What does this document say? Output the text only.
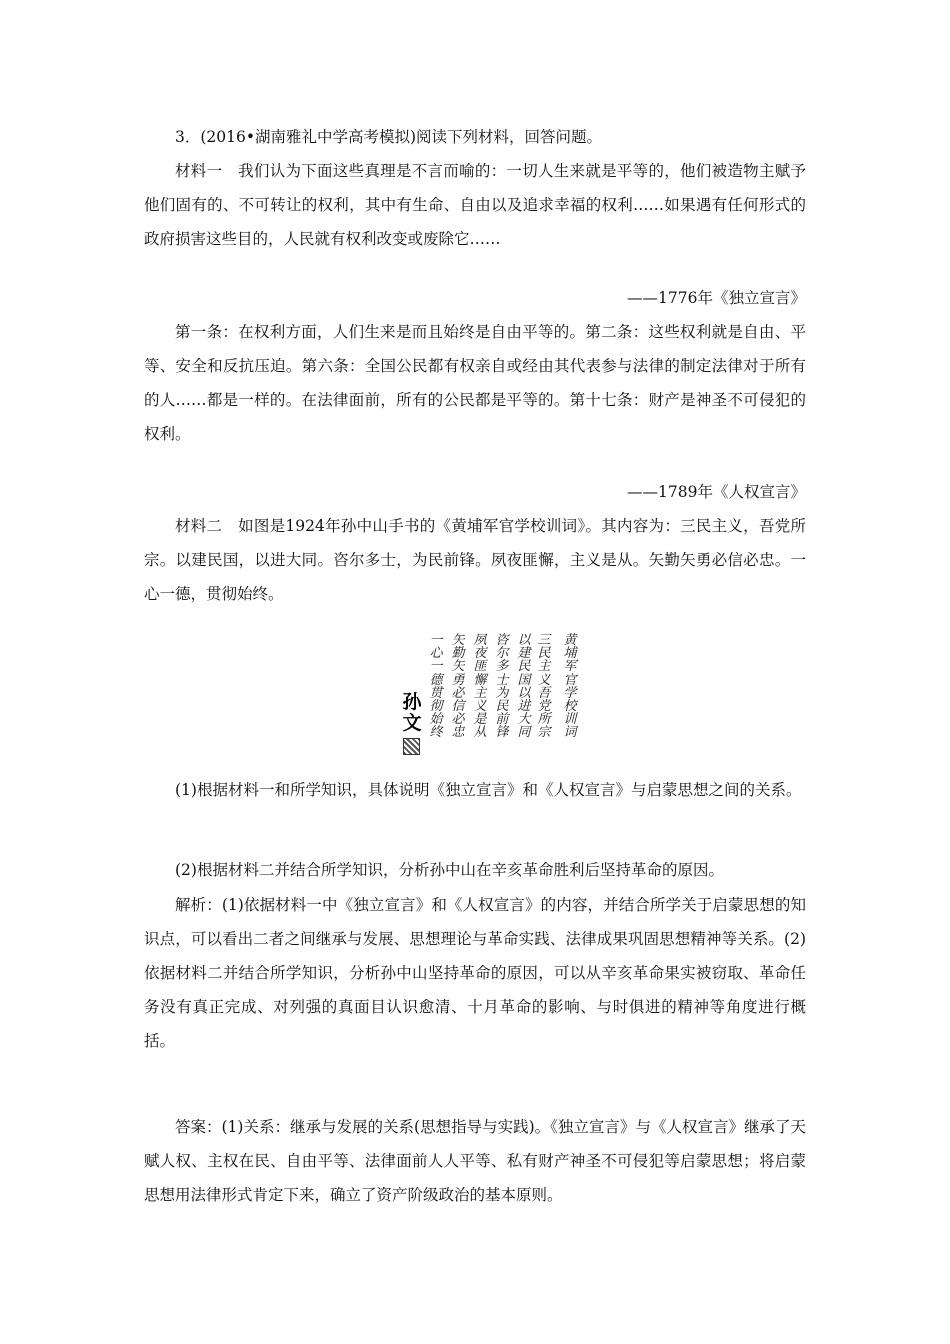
3．(2016•湖南雅礼中学高考模拟)阅读下列材料，回答问题。

材料一　我们认为下面这些真理是不言而喻的：一切人生来就是平等的，他们被造物主赋予他们固有的、不可转让的权利，其中有生命、自由以及追求幸福的权利……如果遇有任何形式的政府损害这些目的，人民就有权利改变或废除它……

——1776年《独立宣言》

第一条：在权利方面，人们生来是而且始终是自由平等的。第二条：这些权利就是自由、平等、安全和反抗压迫。第六条：全国公民都有权亲自或经由其代表参与法律的制定法律对于所有的人……都是一样的。在法律面前，所有的公民都是平等的。第十七条：财产是神圣不可侵犯的权利。

——1789年《人权宣言》

材料二　如图是1924年孙中山手书的《黄埔军官学校训词》。其内容为：三民主义，吾党所宗。以建民国，以进大同。咨尔多士，为民前锋。夙夜匪懈，主义是从。矢勤矢勇必信必忠。一心一德，贯彻始终。

黄埔军官学校训词
三民主义吾党所宗
以建民国以进大同
咨尔多士为民前锋
夙夜匪懈主义是从
矢勤矢勇必信必忠
一心一德贯彻始终
孙文

(1)根据材料一和所学知识，具体说明《独立宣言》和《人权宣言》与启蒙思想之间的关系。

(2)根据材料二并结合所学知识，分析孙中山在辛亥革命胜利后坚持革命的原因。

解析：(1)依据材料一中《独立宣言》和《人权宣言》的内容，并结合所学关于启蒙思想的知识点，可以看出二者之间继承与发展、思想理论与革命实践、法律成果巩固思想精神等关系。(2)依据材料二并结合所学知识，分析孙中山坚持革命的原因，可以从辛亥革命果实被窃取、革命任务没有真正完成、对列强的真面目认识愈清、十月革命的影响、与时俱进的精神等角度进行概括。

答案：(1)关系：继承与发展的关系(思想指导与实践)。《独立宣言》与《人权宣言》继承了天赋人权、主权在民、自由平等、法律面前人人平等、私有财产神圣不可侵犯等启蒙思想；将启蒙思想用法律形式肯定下来，确立了资产阶级政治的基本原则。
